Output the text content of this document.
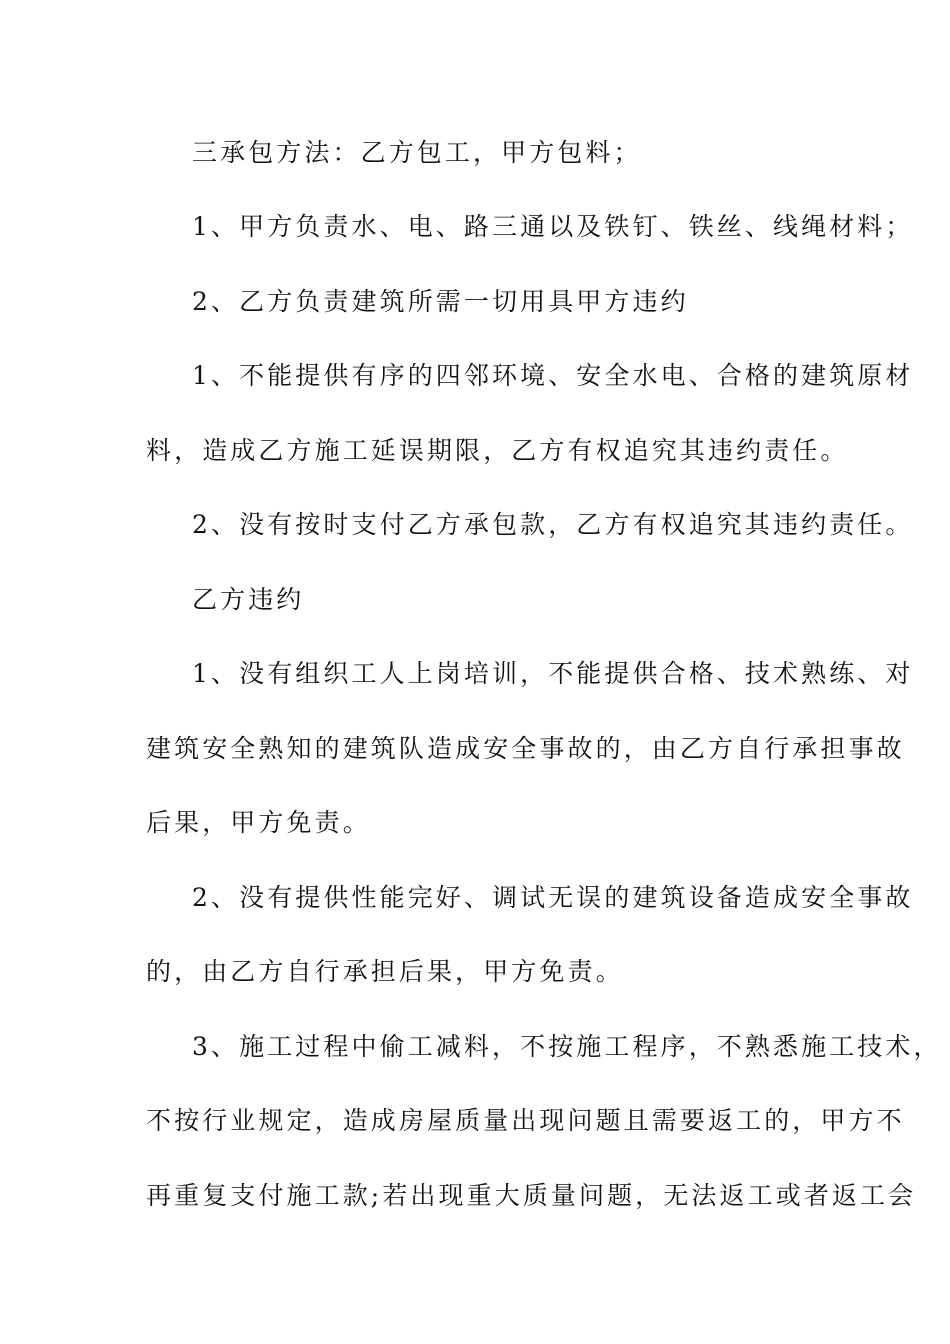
三承包方法：乙方包工，甲方包料；
1、甲方负责水、电、路三通以及铁钉、铁丝、线绳材料；
2、乙方负责建筑所需一切用具甲方违约
1、不能提供有序的四邻环境、安全水电、合格的建筑原材
料，造成乙方施工延误期限，乙方有权追究其违约责任。
2、没有按时支付乙方承包款，乙方有权追究其违约责任。
乙方违约
1、没有组织工人上岗培训，不能提供合格、技术熟练、对
建筑安全熟知的建筑队造成安全事故的，由乙方自行承担事故
后果，甲方免责。
2、没有提供性能完好、调试无误的建筑设备造成安全事故
的，由乙方自行承担后果，甲方免责。
3、施工过程中偷工减料，不按施工程序，不熟悉施工技术，
不按行业规定，造成房屋质量出现问题且需要返工的，甲方不
再重复支付施工款;若出现重大质量问题，无法返工或者返工会
